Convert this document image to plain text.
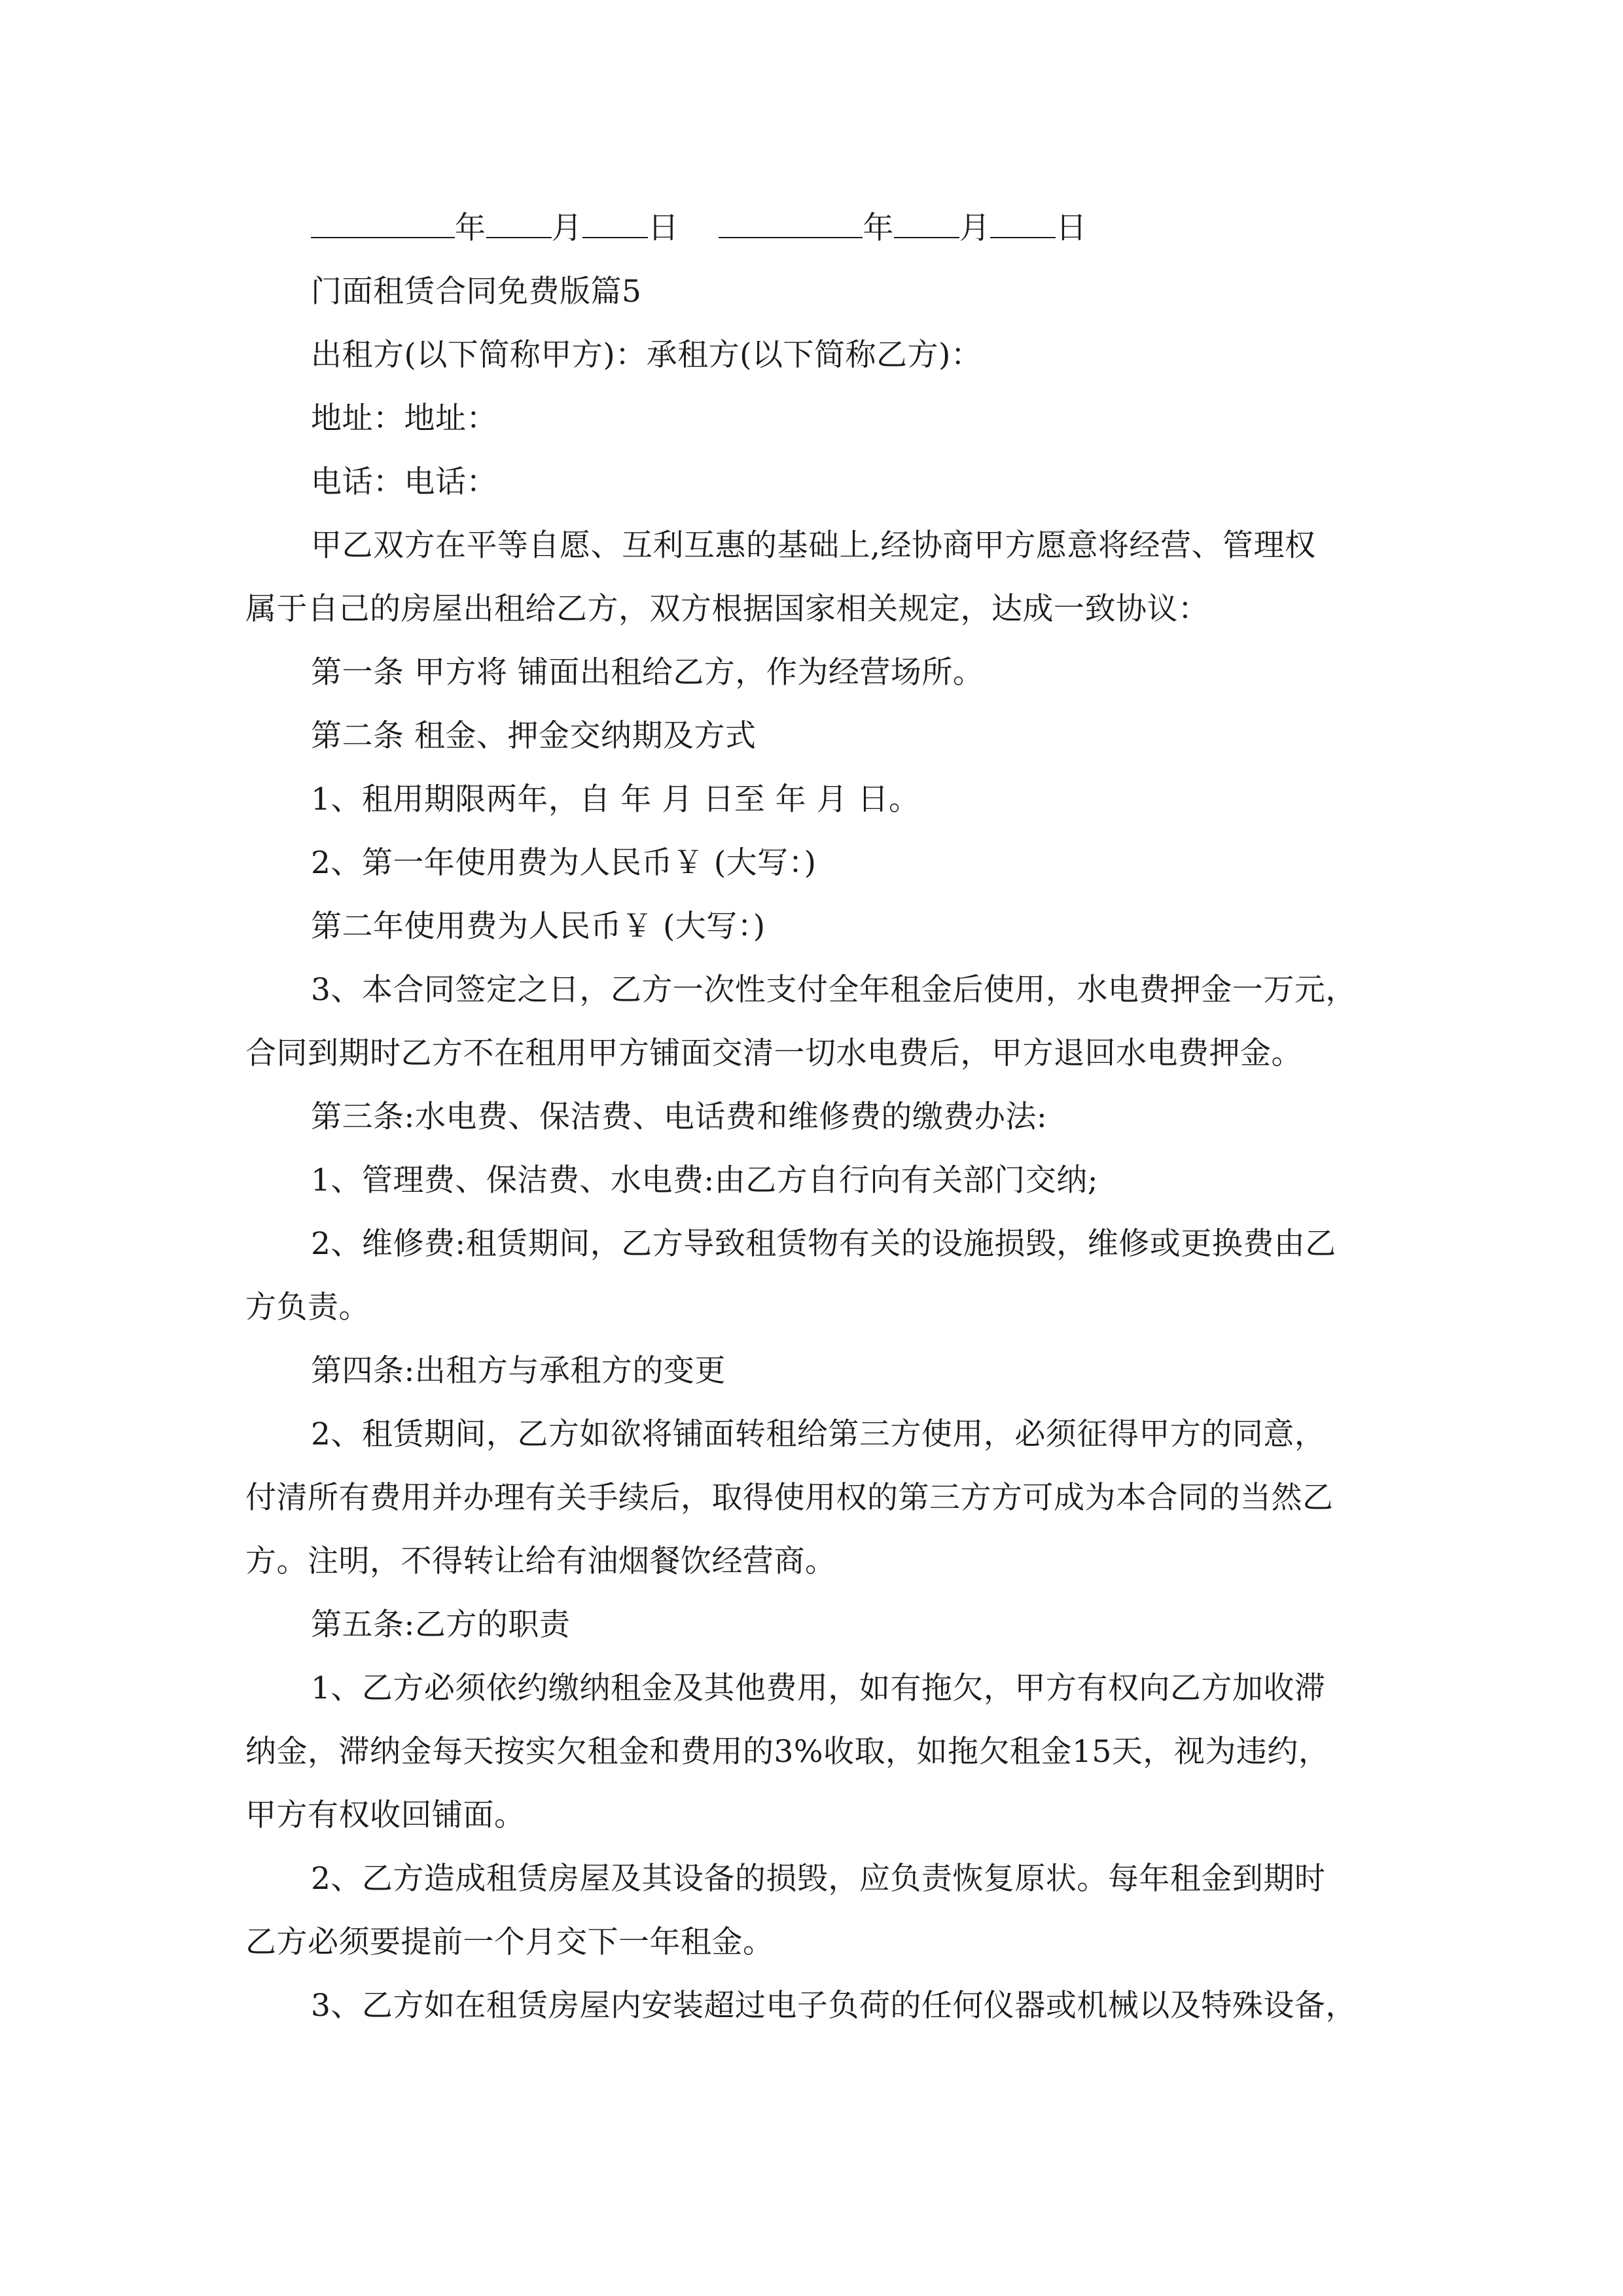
年 月 日	年 月 日
门面租赁合同免费版篇5
出租方(以下简称甲方)：承租方(以下简称乙方)：
地址：地址：
电话：电话：
甲乙双方在平等自愿、互利互惠的基础上,经协商甲方愿意将经营、管理权
属于自己的房屋出租给乙方，双方根据国家相关规定，达成一致协议：
第一条 甲方将 铺面出租给乙方，作为经营场所。
第二条 租金、押金交纳期及方式
1、租用期限两年，自 年 月 日至 年 月 日。
2、第一年使用费为人民币￥ (大写：)
第二年使用费为人民币￥ (大写：)
3、本合同签定之日，乙方一次性支付全年租金后使用，水电费押金一万元，
合同到期时乙方不在租用甲方铺面交清一切水电费后，甲方退回水电费押金。
第三条:水电费、保洁费、电话费和维修费的缴费办法:
1、管理费、保洁费、水电费:由乙方自行向有关部门交纳;
2、维修费:租赁期间，乙方导致租赁物有关的设施损毁，维修或更换费由乙
方负责。
第四条:出租方与承租方的变更
2、租赁期间，乙方如欲将铺面转租给第三方使用，必须征得甲方的同意，
付清所有费用并办理有关手续后，取得使用权的第三方方可成为本合同的当然乙
方。注明，不得转让给有油烟餐饮经营商。
第五条:乙方的职责
1、乙方必须依约缴纳租金及其他费用，如有拖欠，甲方有权向乙方加收滞
纳金，滞纳金每天按实欠租金和费用的3%收取，如拖欠租金15天，视为违约，
甲方有权收回铺面。
2、乙方造成租赁房屋及其设备的损毁，应负责恢复原状。每年租金到期时
乙方必须要提前一个月交下一年租金。
3、乙方如在租赁房屋内安装超过电子负荷的任何仪器或机械以及特殊设备，
